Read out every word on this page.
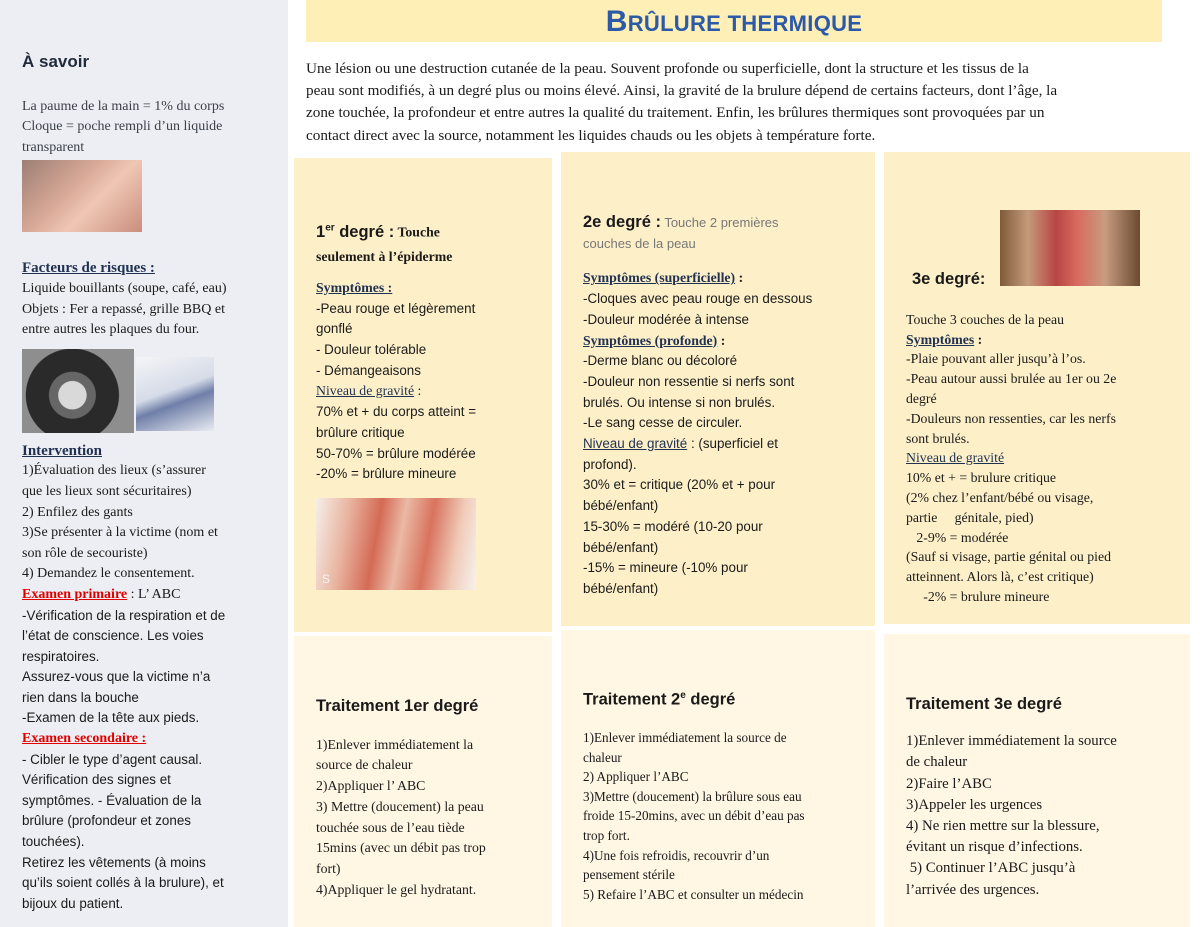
À savoir

La paume de la main = 1% du corps

Cloque = poche rempli d’un liquide

transparent

Facteurs de risques :

Liquide bouillants (soupe, café, eau)

Objets : Fer a repassé, grille BBQ et

entre autres les plaques du four.

Intervention

1)Évaluation des lieux (s’assurer

que les lieux sont sécuritaires)

2) Enfilez des gants

3)Se présenter à la victime (nom et

son rôle de secouriste)

4) Demandez le consentement.

Examen primaire : L’ ABC

-Vérification de la respiration et de

l’état de conscience. Les voies

respiratoires.

Assurez-vous que la victime n’a

rien dans la bouche

-Examen de la tête aux pieds.

Examen secondaire :

- Cibler le type d’agent causal.

Vérification des signes et

symptômes. - Évaluation de la

brûlure (profondeur et zones

touchées).

Retirez les vêtements (à moins

qu’ils soient collés à la brulure), et

bijoux du patient.

BRÛLURE THERMIQUE

Une lésion ou une destruction cutanée de la peau. Souvent profonde ou superficielle, dont la structure et les tissus de la

peau sont modifiés, à un degré plus ou moins élevé. Ainsi, la gravité de la brulure dépend de certains facteurs, dont l’âge, la

zone touchée, la profondeur et entre autres la qualité du traitement. Enfin, les brûlures thermiques sont provoquées par un

contact direct avec la source, notamment les liquides chauds ou les objets à température forte.

1er degré : Touche

seulement à l’épiderme

Symptômes :

-Peau rouge et légèrement

gonflé

- Douleur tolérable

- Démangeaisons

Niveau de gravité :

70% et + du corps atteint =

brûlure critique

50-70% = brûlure modérée

-20% = brûlure mineure

S

2e degré : Touche 2 premières

couches de la peau

Symptômes (superficielle) :

-Cloques avec peau rouge en dessous

-Douleur modérée à intense

Symptômes (profonde) :

-Derme blanc ou décoloré

-Douleur non ressentie si nerfs sont

brulés. Ou intense si non brulés.

-Le sang cesse de circuler.

Niveau de gravité : (superficiel et

profond).

30% et = critique (20% et + pour

bébé/enfant)

15-30% = modéré (10-20 pour

bébé/enfant)

-15% = mineure (-10% pour

bébé/enfant)

3e degré:

Touche 3 couches de la peau

Symptômes :

-Plaie pouvant aller jusqu’à l’os.

-Peau autour aussi brulée au 1er ou 2e

degré

-Douleurs non ressenties, car les nerfs

sont brulés.

Niveau de gravité

10% et + = brulure critique

(2% chez l’enfant/bébé ou visage,

partie     génitale, pied)

2-9% = modérée

(Sauf si visage, partie génital ou pied

atteinnent. Alors là, c’est critique)

-2% = brulure mineure

Traitement 1er degré

1)Enlever immédiatement la

source de chaleur

2)Appliquer l’ ABC

3) Mettre (doucement) la peau

touchée sous de l’eau tiède

15mins (avec un débit pas trop

fort)

4)Appliquer le gel hydratant.

Traitement 2e degré

1)Enlever immédiatement la source de

chaleur

2) Appliquer l’ABC

3)Mettre (doucement) la brûlure sous eau

froide 15-20mins, avec un débit d’eau pas

trop fort.

4)Une fois refroidis, recouvrir d’un

pensement stérile

5) Refaire l’ABC et consulter un médecin

Traitement 3e degré

1)Enlever immédiatement la source

de chaleur

2)Faire l’ABC

3)Appeler les urgences

4) Ne rien mettre sur la blessure,

évitant un risque d’infections.

5) Continuer l’ABC jusqu’à

l’arrivée des urgences.
